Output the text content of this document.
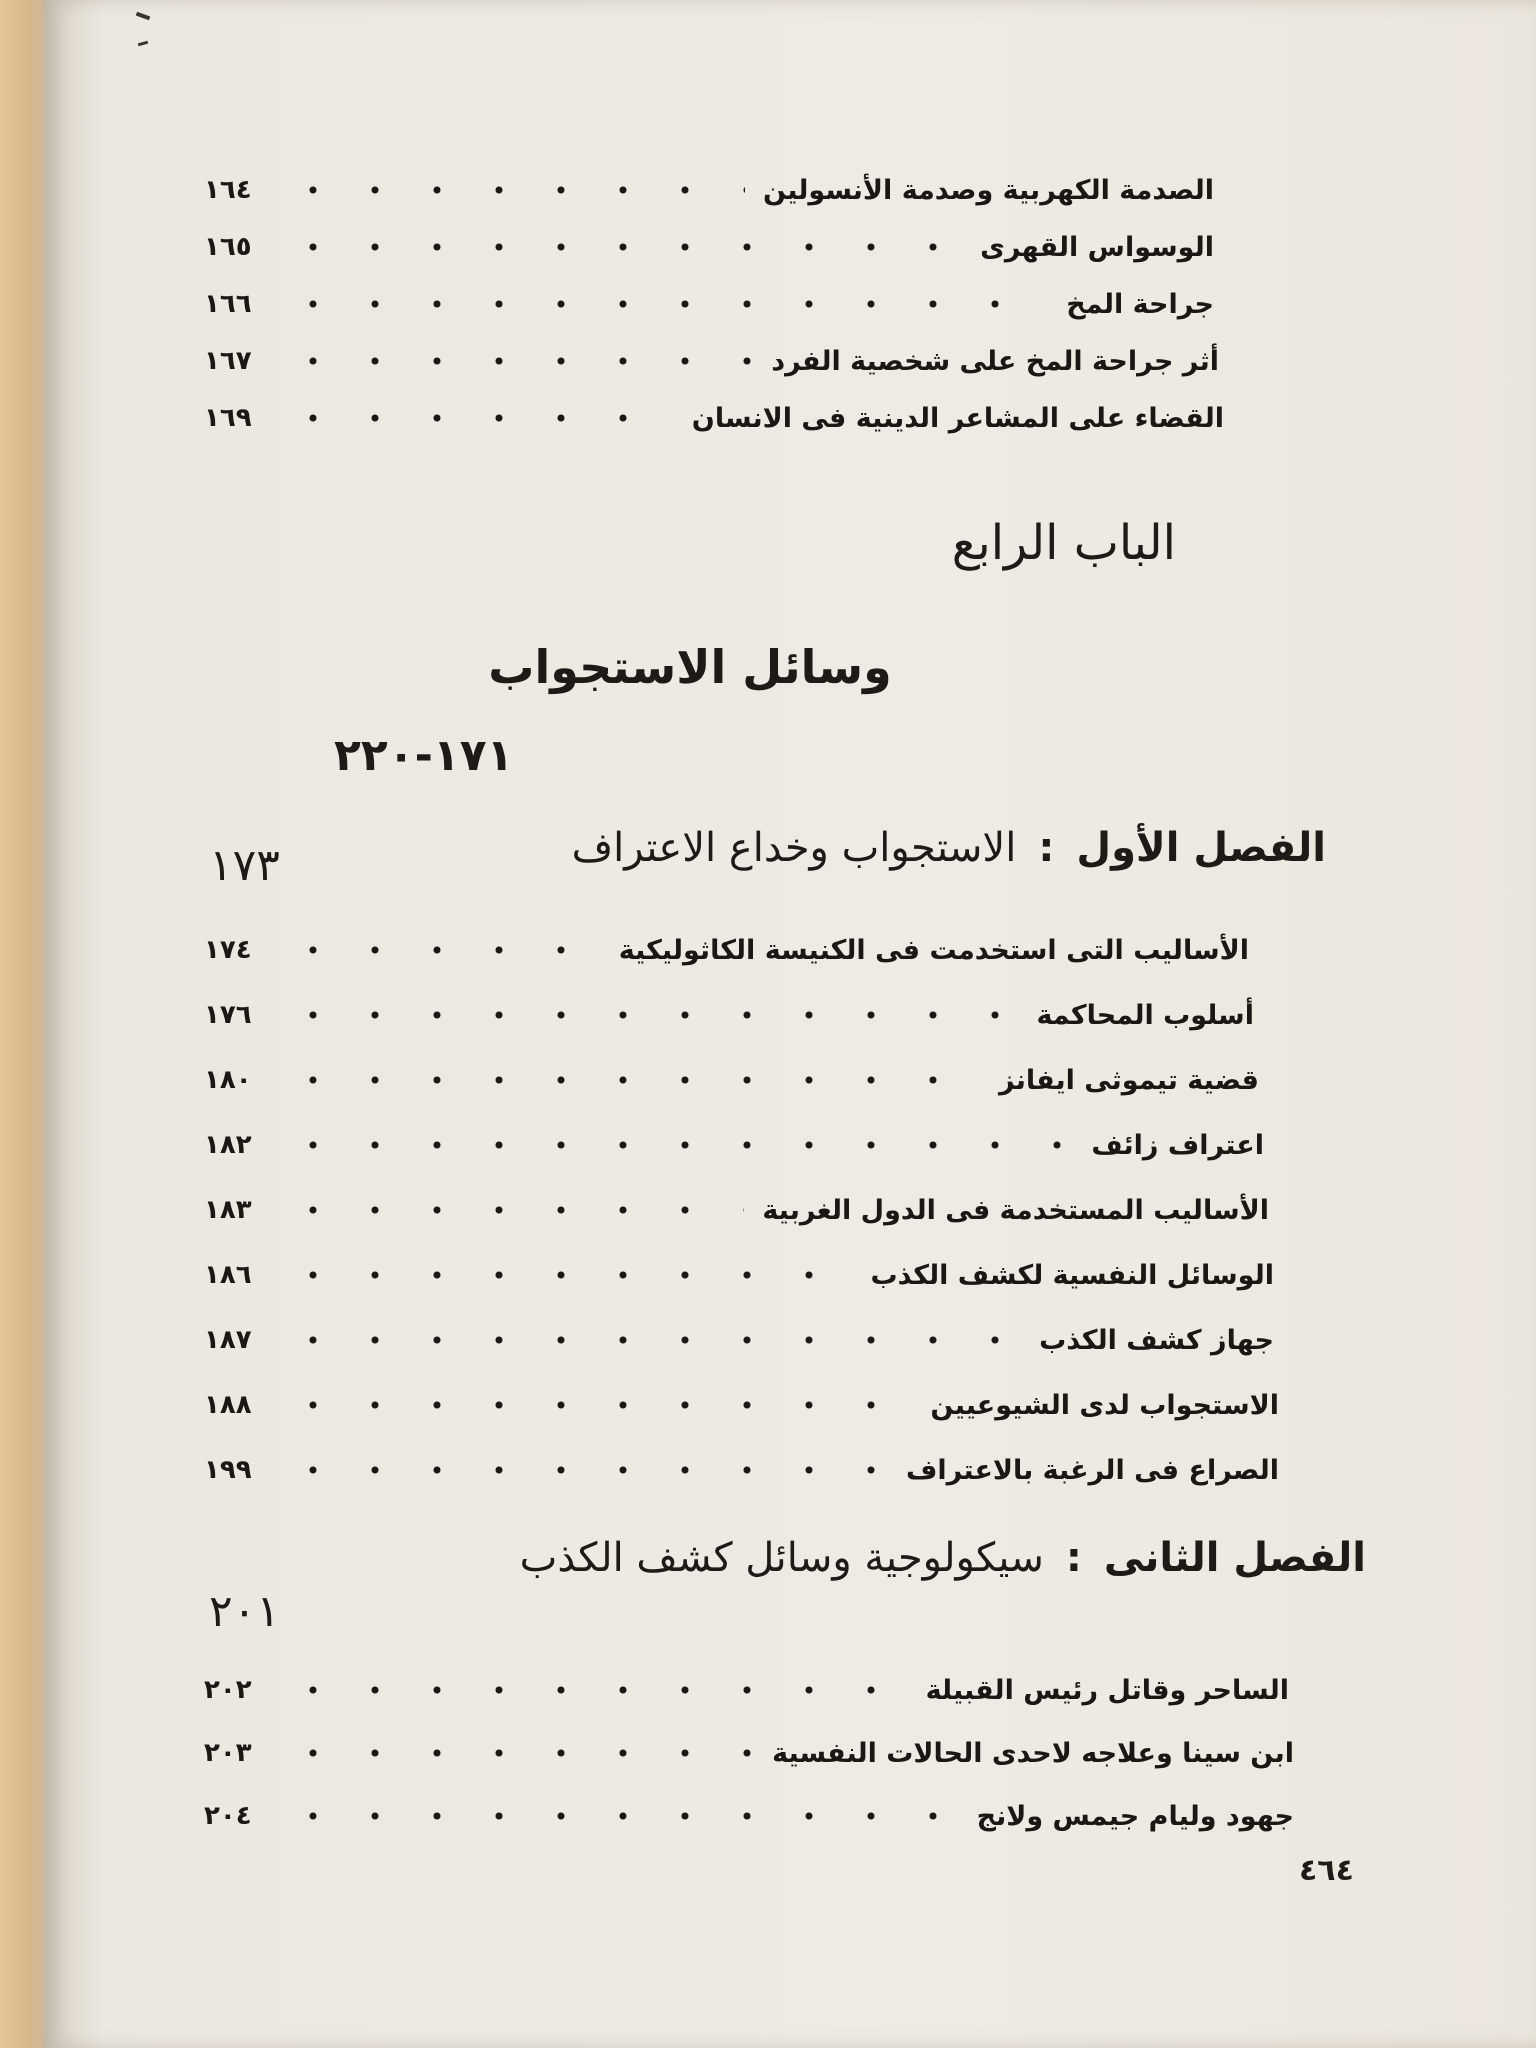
الصدمة الكهربية وصدمة الأنسولين
١٦٤
الوسواس القهرى
١٦٥
جراحة المخ
١٦٦
أثر جراحة المخ على شخصية الفرد
١٦٧
القضاء على المشاعر الدينية فى الانسان
١٦٩
الباب الرابع
وسائل الاستجواب
١٧١-٢٢٠
الفصل الأول
:
الاستجواب وخداع الاعتراف
١٧٣
الأساليب التى استخدمت فى الكنيسة الكاثوليكية
١٧٤
أسلوب المحاكمة
١٧٦
قضية تيموثى ايفانز
١٨٠
اعتراف زائف
١٨٢
الأساليب المستخدمة فى الدول الغربية
١٨٣
الوسائل النفسية لكشف الكذب
١٨٦
جهاز كشف الكذب
١٨٧
الاستجواب لدى الشيوعيين
١٨٨
الصراع فى الرغبة بالاعتراف
١٩٩
الفصل الثانى
:
سيكولوجية وسائل كشف الكذب
٢٠١
الساحر وقاتل رئيس القبيلة
٢٠٢
ابن سينا وعلاجه لاحدى الحالات النفسية
٢٠٣
جهود وليام جيمس ولانج
٢٠٤
٤٦٤
